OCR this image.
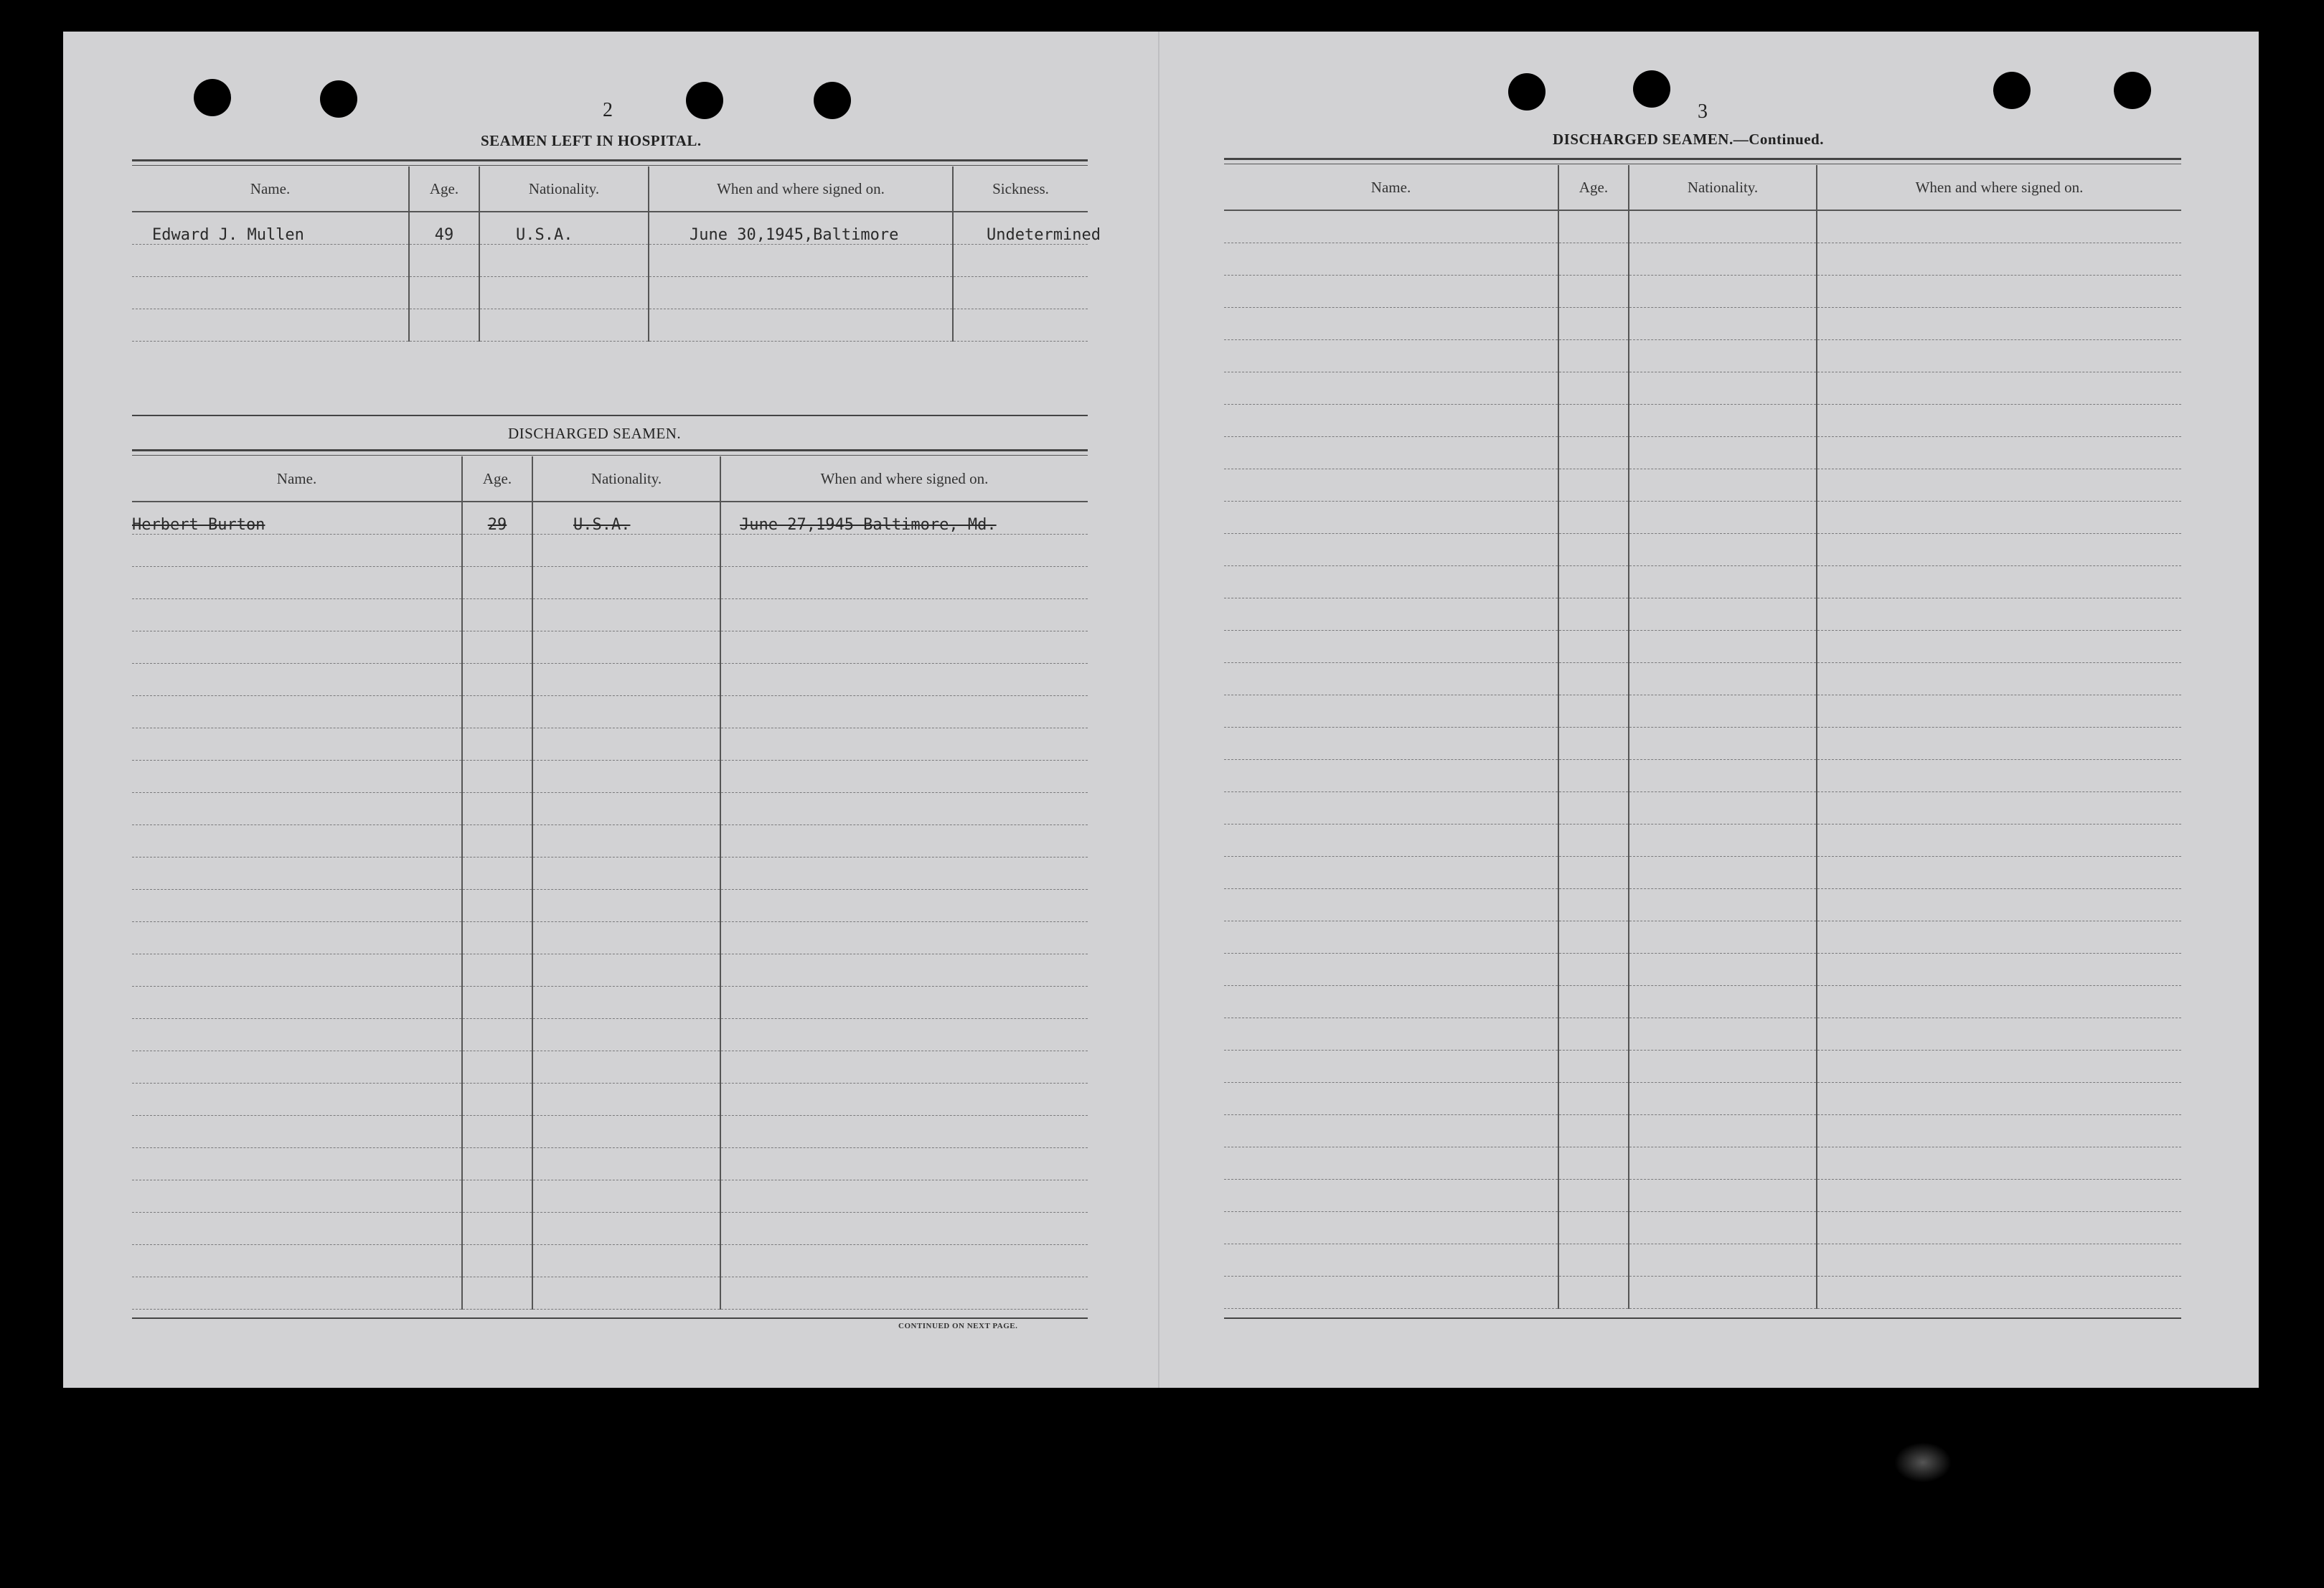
2
SEAMEN LEFT IN HOSPITAL.
Name.	Age.	Nationality.	When and where signed on.	Sickness.
Edward J. Mullen	49	U.S.A.	June 30,1945,Baltimore	Undetermined

DISCHARGED SEAMEN.
Name.	Age.	Nationality.	When and where signed on.
Herbert Burton	29	U.S.A.	June 27,1945 Baltimore, Md.

CONTINUED ON NEXT PAGE.
3
DISCHARGED SEAMEN.—Continued.
Name.	Age.	Nationality.	When and where signed on.
